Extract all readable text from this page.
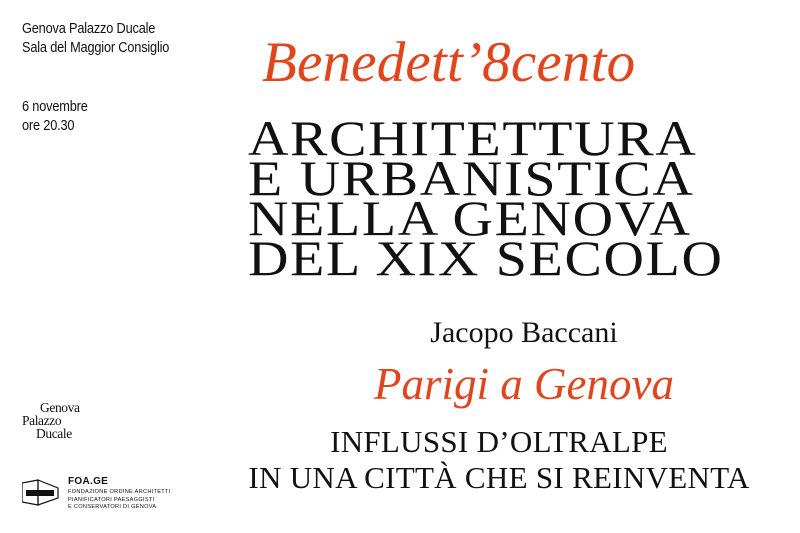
Genova Palazzo Ducale
Sala del Maggior Consiglio
6 novembre
ore 20.30
Benedett’8cento
ARCHITETTURA
E URBANISTICA
NELLA GENOVA
DEL XIX SECOLO
Jacopo Baccani
Parigi a Genova
INFLUSSI D’OLTRALPE
IN UNA CITTÀ CHE SI REINVENTA
Genova
Palazzo
Ducale
FOA.GE
FONDAZIONE ORDINE ARCHITETTI
PIANIFICATORI PAESAGGISTI
E CONSERVATORI DI GENOVA
